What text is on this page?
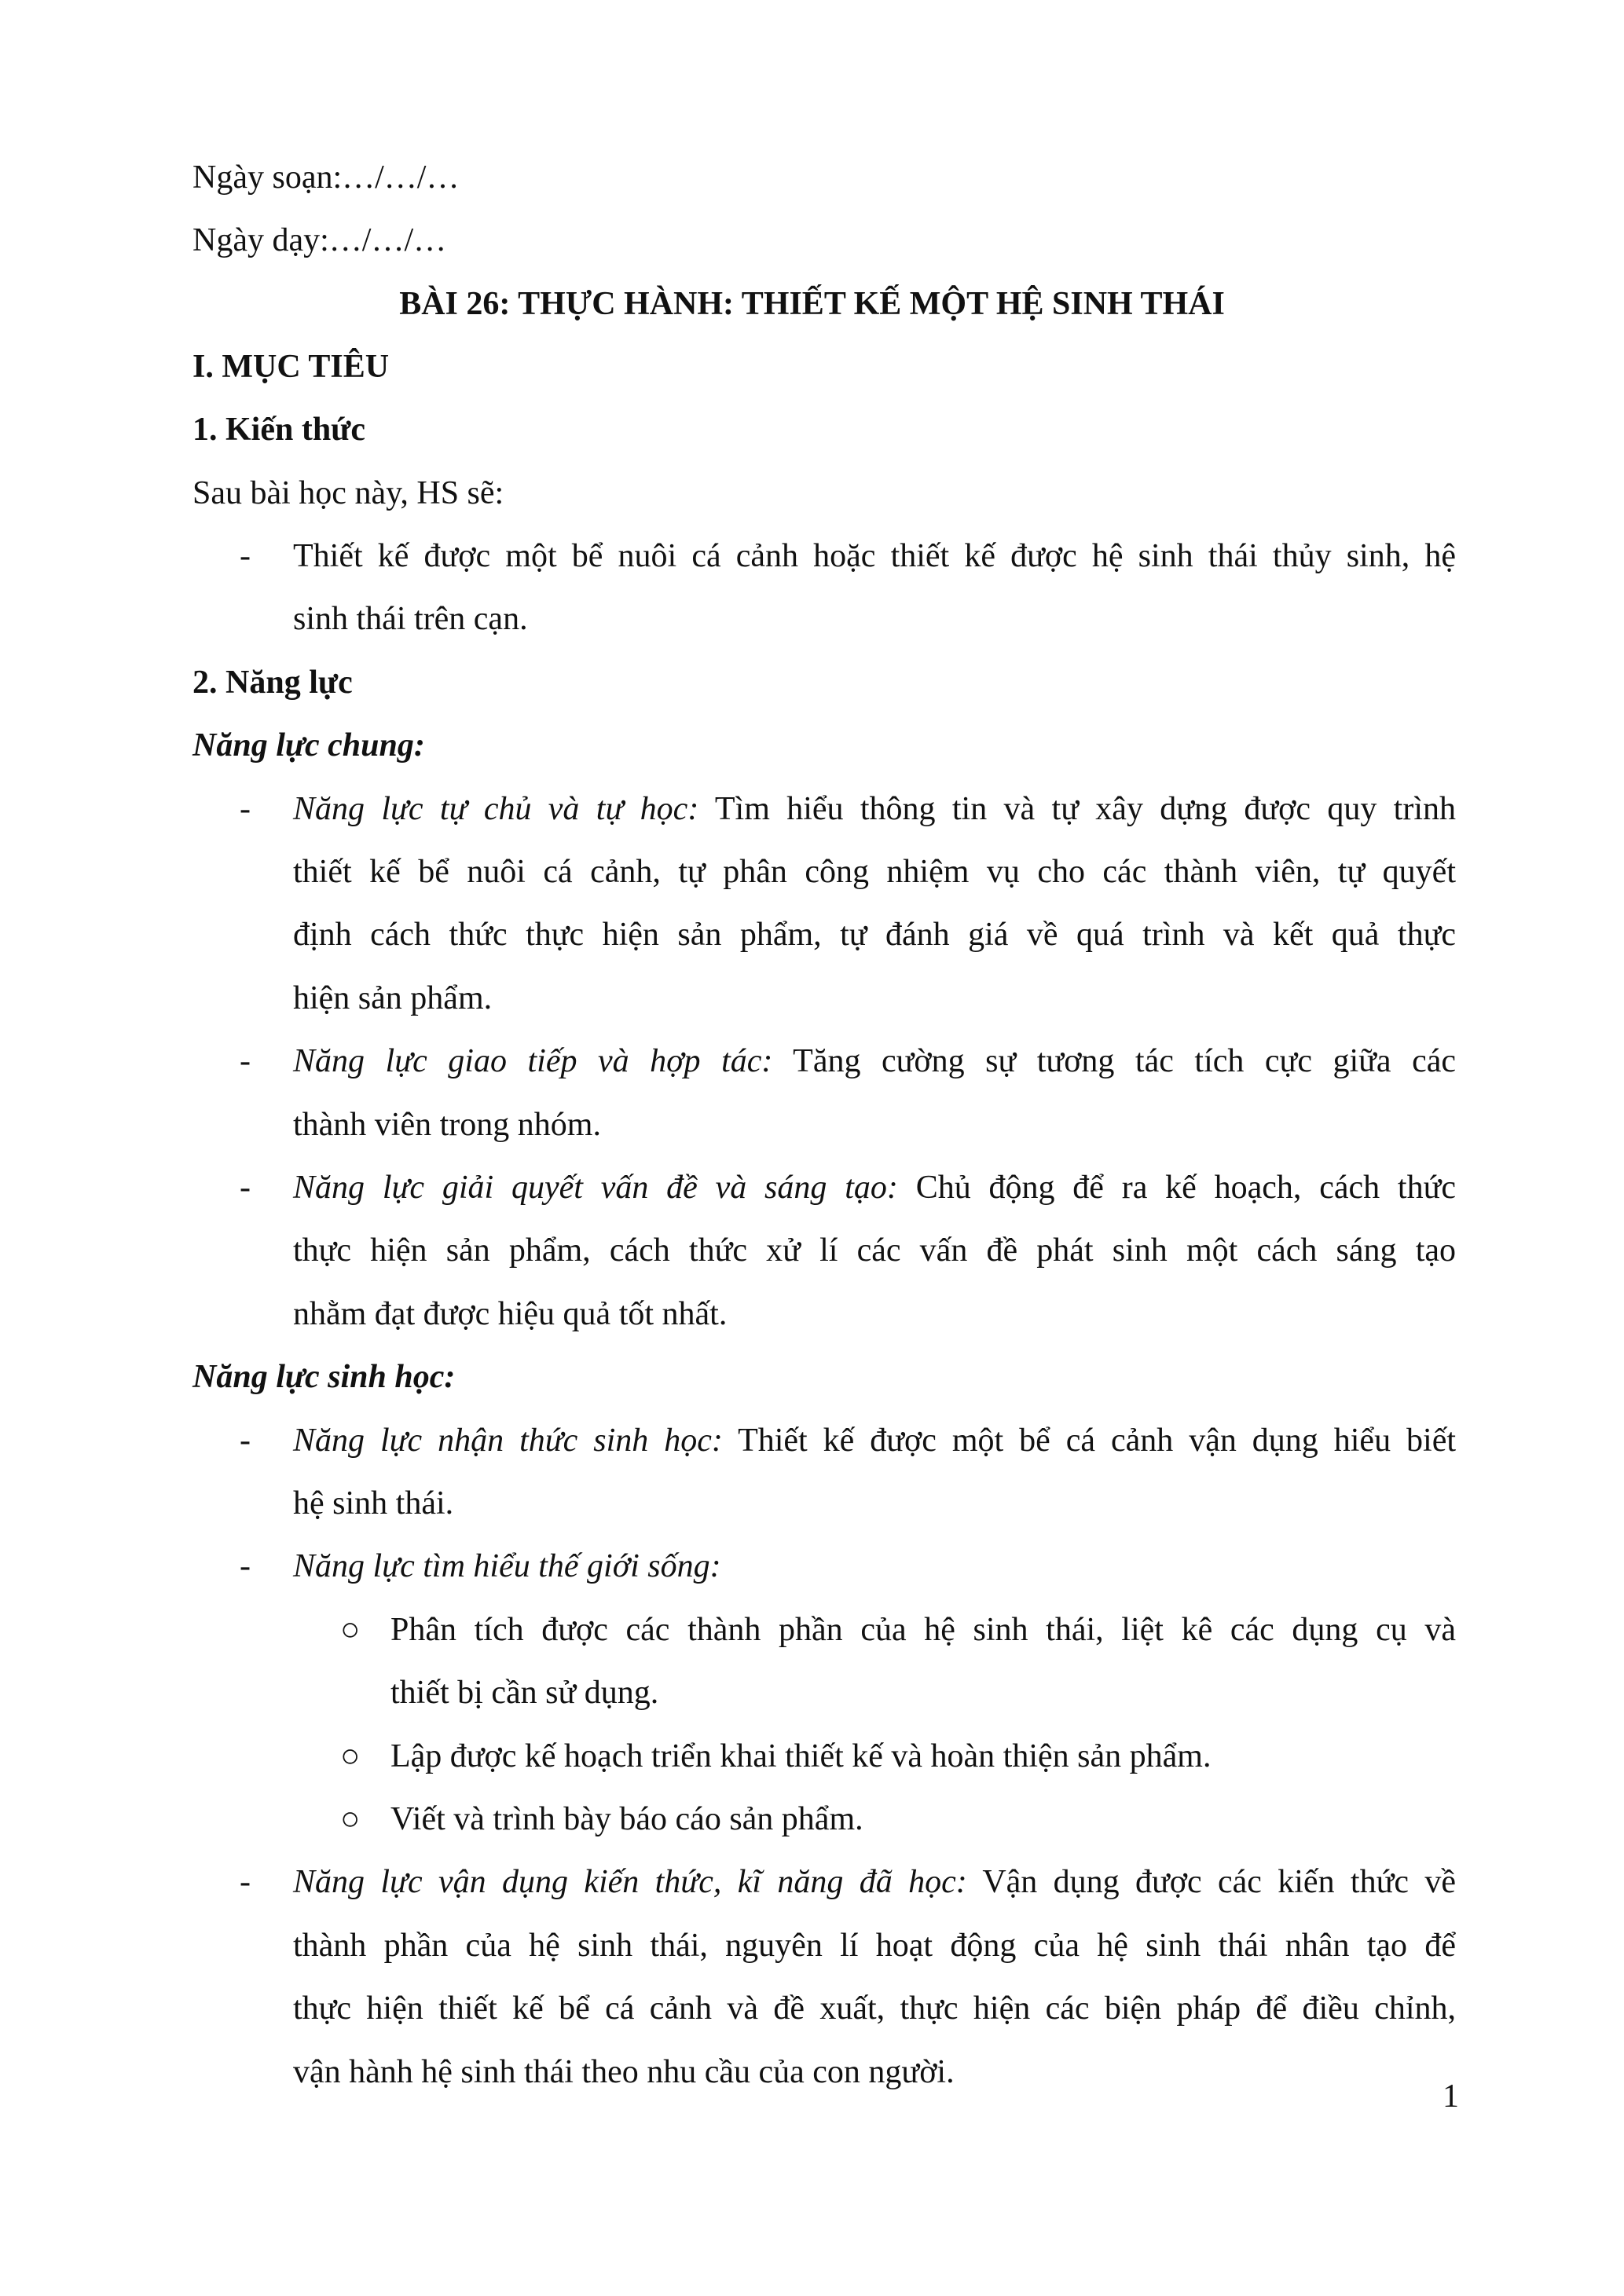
Ngày soạn:…/…/…
Ngày dạy:…/…/…
BÀI 26: THỰC HÀNH: THIẾT KẾ MỘT HỆ SINH THÁI
I. MỤC TIÊU
1. Kiến thức
Sau bài học này, HS sẽ:
- Thiết kế được một bể nuôi cá cảnh hoặc thiết kế được hệ sinh thái thủy sinh, hệ
sinh thái trên cạn.
2. Năng lực
Năng lực chung:
- Năng lực tự chủ và tự học: Tìm hiểu thông tin và tự xây dựng được quy trình
thiết kế bể nuôi cá cảnh, tự phân công nhiệm vụ cho các thành viên, tự quyết
định cách thức thực hiện sản phẩm, tự đánh giá về quá trình và kết quả thực
hiện sản phẩm.
- Năng lực giao tiếp và hợp tác: Tăng cường sự tương tác tích cực giữa các
thành viên trong nhóm.
- Năng lực giải quyết vấn đề và sáng tạo: Chủ động để ra kế hoạch, cách thức
thực hiện sản phẩm, cách thức xử lí các vấn đề phát sinh một cách sáng tạo
nhằm đạt được hiệu quả tốt nhất.
Năng lực sinh học:
- Năng lực nhận thức sinh học: Thiết kế được một bể cá cảnh vận dụng hiểu biết
hệ sinh thái.
- Năng lực tìm hiểu thế giới sống:
○ Phân tích được các thành phần của hệ sinh thái, liệt kê các dụng cụ và
thiết bị cần sử dụng.
○ Lập được kế hoạch triển khai thiết kế và hoàn thiện sản phẩm.
○ Viết và trình bày báo cáo sản phẩm.
- Năng lực vận dụng kiến thức, kĩ năng đã học: Vận dụng được các kiến thức về
thành phần của hệ sinh thái, nguyên lí hoạt động của hệ sinh thái nhân tạo để
thực hiện thiết kế bể cá cảnh và đề xuất, thực hiện các biện pháp để điều chỉnh,
vận hành hệ sinh thái theo nhu cầu của con người.
1
